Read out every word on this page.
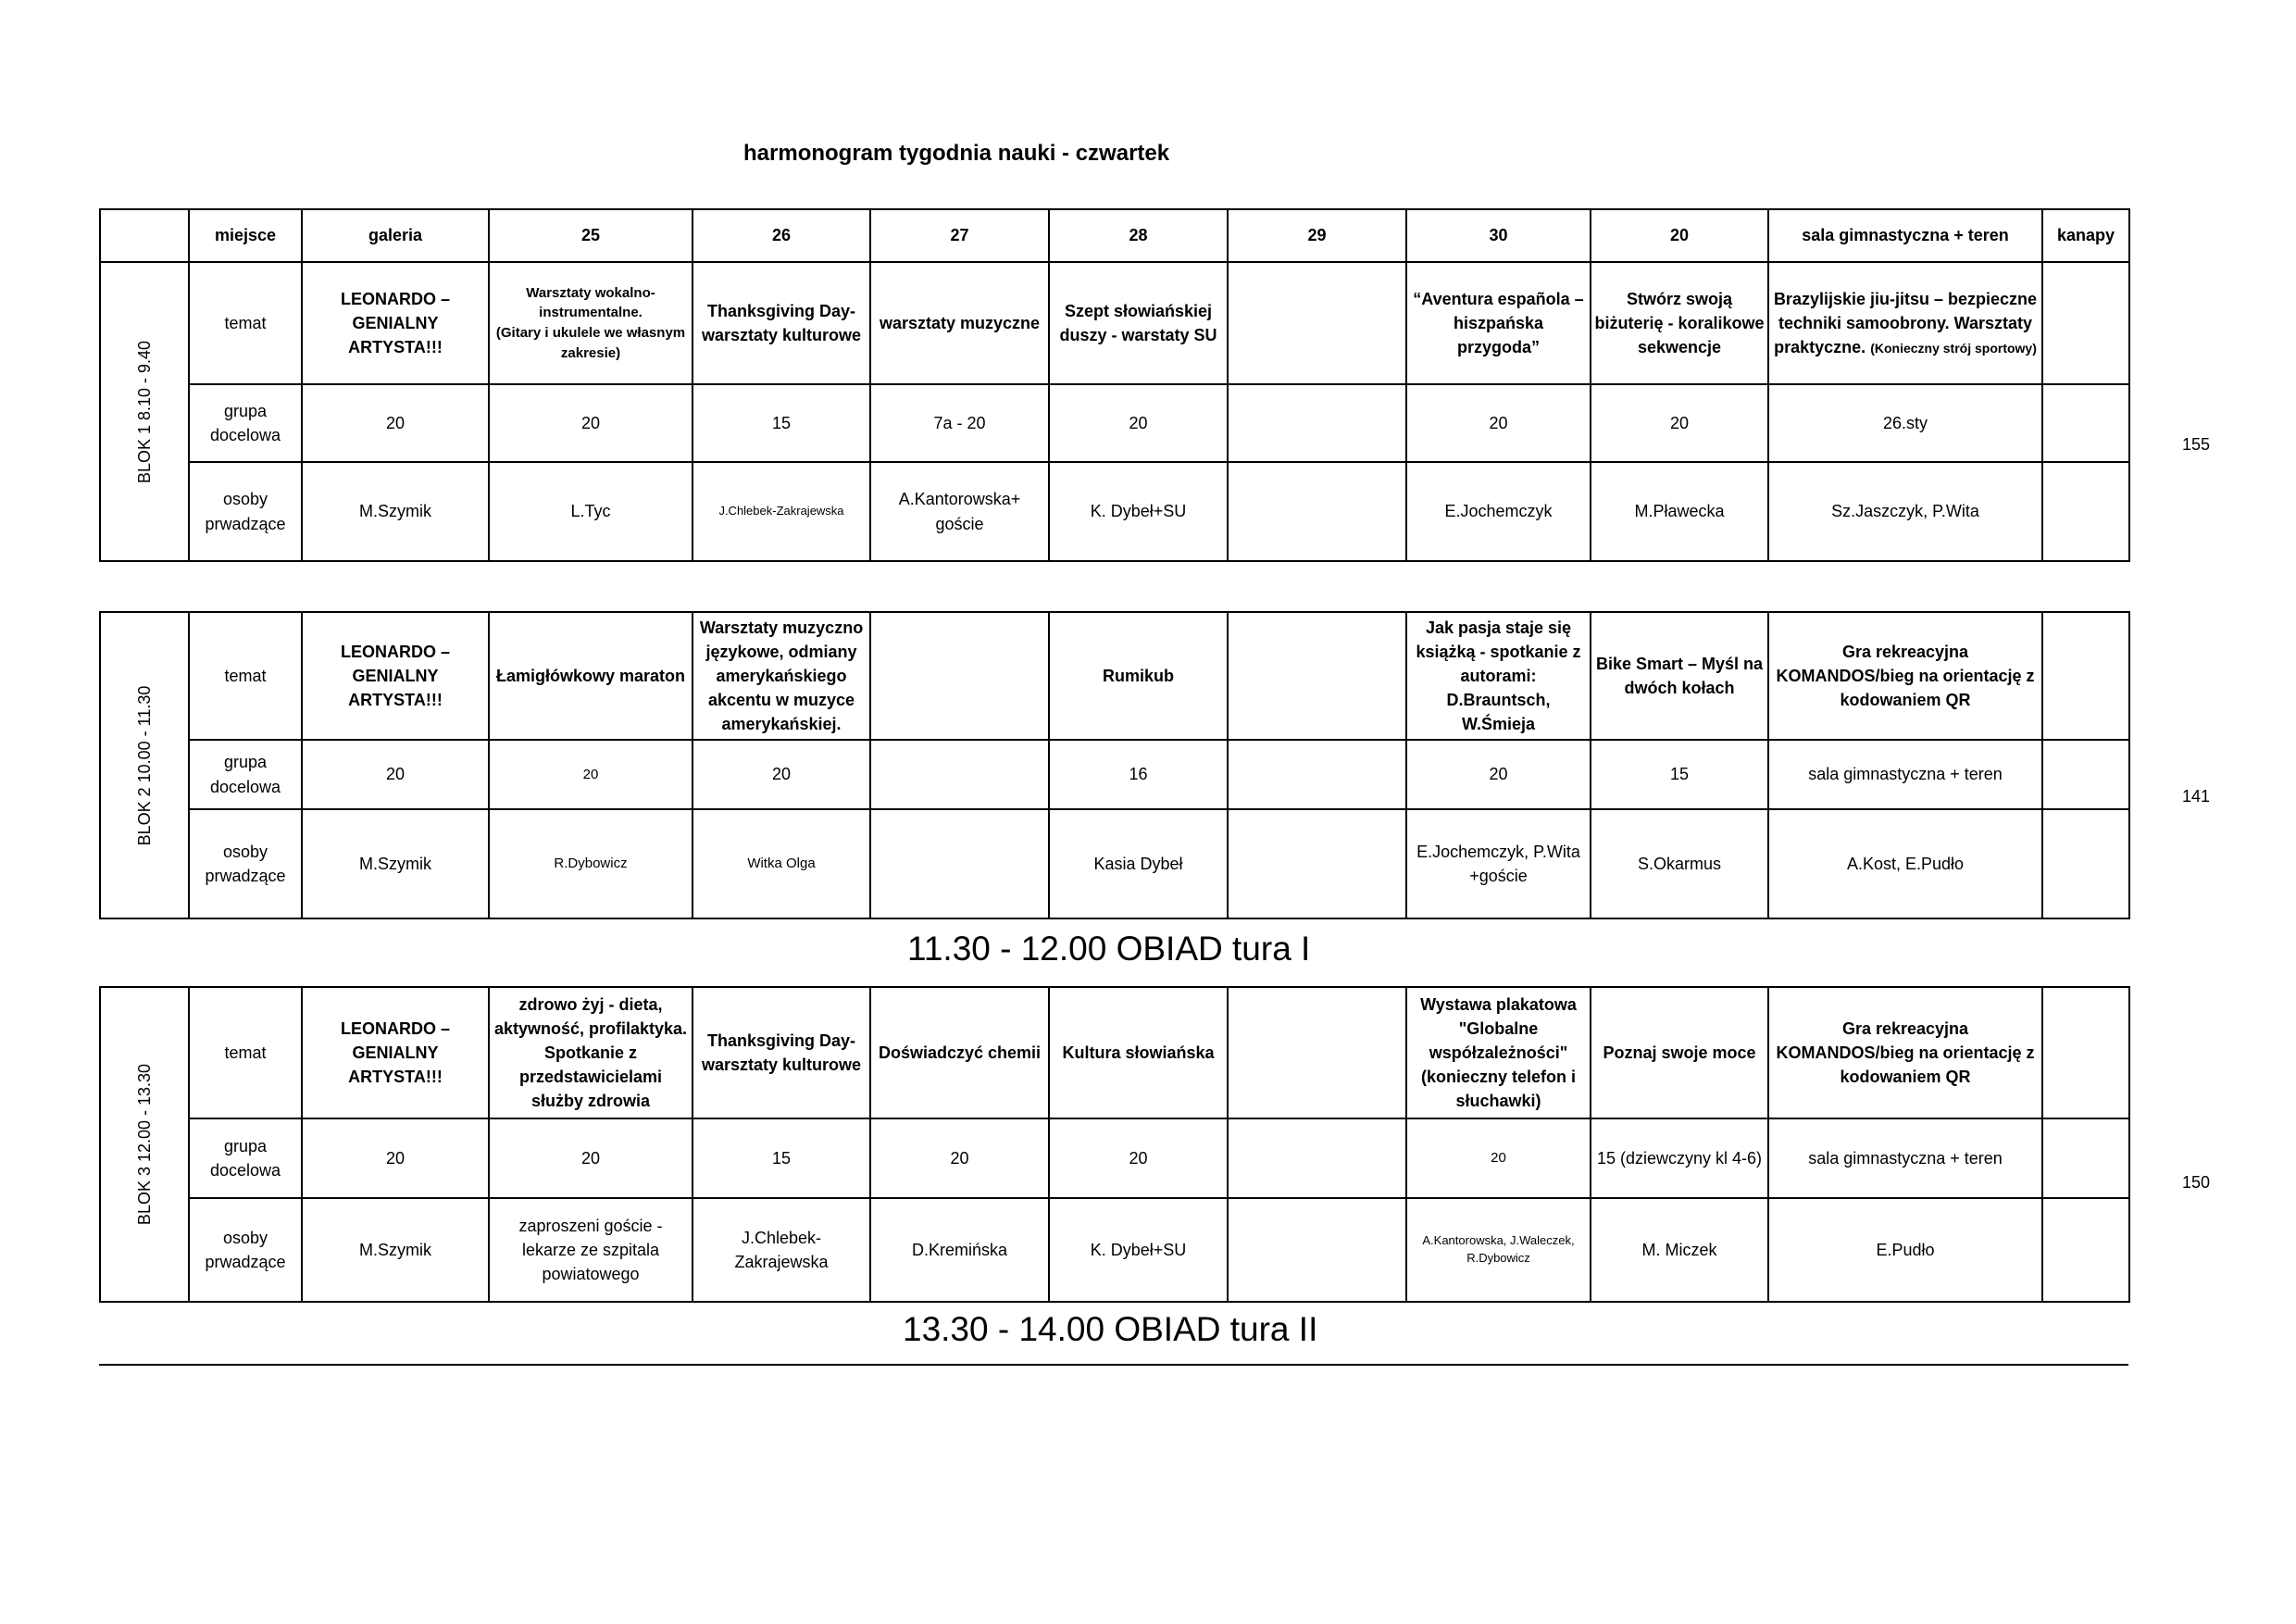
harmonogram tygodnia nauki - czwartek
	miejsce	galeria	25	26	27	28	29	30	20	sala gimnastyczna + teren	kanapy

BLOK 1 8.10 - 9.40	temat	LEONARDO – GENIALNY ARTYSTA!!!	Warsztaty wokalno-instrumentalne.
(Gitary i ukulele we własnym zakresie)	Thanksgiving Day- warsztaty kulturowe	warsztaty muzyczne	Szept słowiańskiej duszy - warstaty SU		“Aventura española – hiszpańska przygoda”	Stwórz swoją biżuterię - koralikowe sekwencje	Brazylijskie jiu-jitsu – bezpieczne techniki samoobrony. Warsztaty praktyczne. (Konieczny strój sportowy)	
	grupa docelowa	20	20	15	7a - 20	20		20	20	26.sty	
	osoby prwadzące	M.Szymik	L.Tyc	J.Chlebek-Zakrajewska	A.Kantorowska+ goście	K. Dybeł+SU		E.Jochemczyk	M.Pławecka	Sz.Jaszczyk, P.Wita	
155
BLOK 2 10.00 - 11.30	temat	LEONARDO – GENIALNY ARTYSTA!!!	Łamigłówkowy maraton	Warsztaty muzyczno językowe, odmiany amerykańskiego akcentu w muzyce amerykańskiej.		Rumikub		Jak pasja staje się książką - spotkanie z autorami: D.Brauntsch, W.Śmieja	Bike Smart – Myśl na dwóch kołach	Gra rekreacyjna KOMANDOS/bieg na orientację z kodowaniem QR	
	grupa docelowa	20	20	20		16		20	15	sala gimnastyczna + teren	
	osoby prwadzące	M.Szymik	R.Dybowicz	Witka Olga		Kasia Dybeł		E.Jochemczyk, P.Wita +goście	S.Okarmus	A.Kost, E.Pudło	
141
11.30 - 12.00 OBIAD tura I
BLOK 3 12.00 - 13.30	temat	LEONARDO – GENIALNY ARTYSTA!!!	zdrowo żyj - dieta, aktywność, profilaktyka. Spotkanie z przedstawicielami służby zdrowia	Thanksgiving Day- warsztaty kulturowe	Doświadczyć chemii	Kultura słowiańska		Wystawa plakatowa "Globalne współzależności" (konieczny telefon i słuchawki)	Poznaj swoje moce	Gra rekreacyjna KOMANDOS/bieg na orientację z kodowaniem QR	
	grupa docelowa	20	20	15	20	20		20	15 (dziewczyny kl 4-6)	sala gimnastyczna + teren	
	osoby prwadzące	M.Szymik	zaproszeni goście - lekarze ze szpitala powiatowego	J.Chlebek-Zakrajewska	D.Kremińska	K. Dybeł+SU		A.Kantorowska, J.Waleczek, R.Dybowicz	M. Miczek	E.Pudło	
150
13.30 - 14.00 OBIAD tura II
